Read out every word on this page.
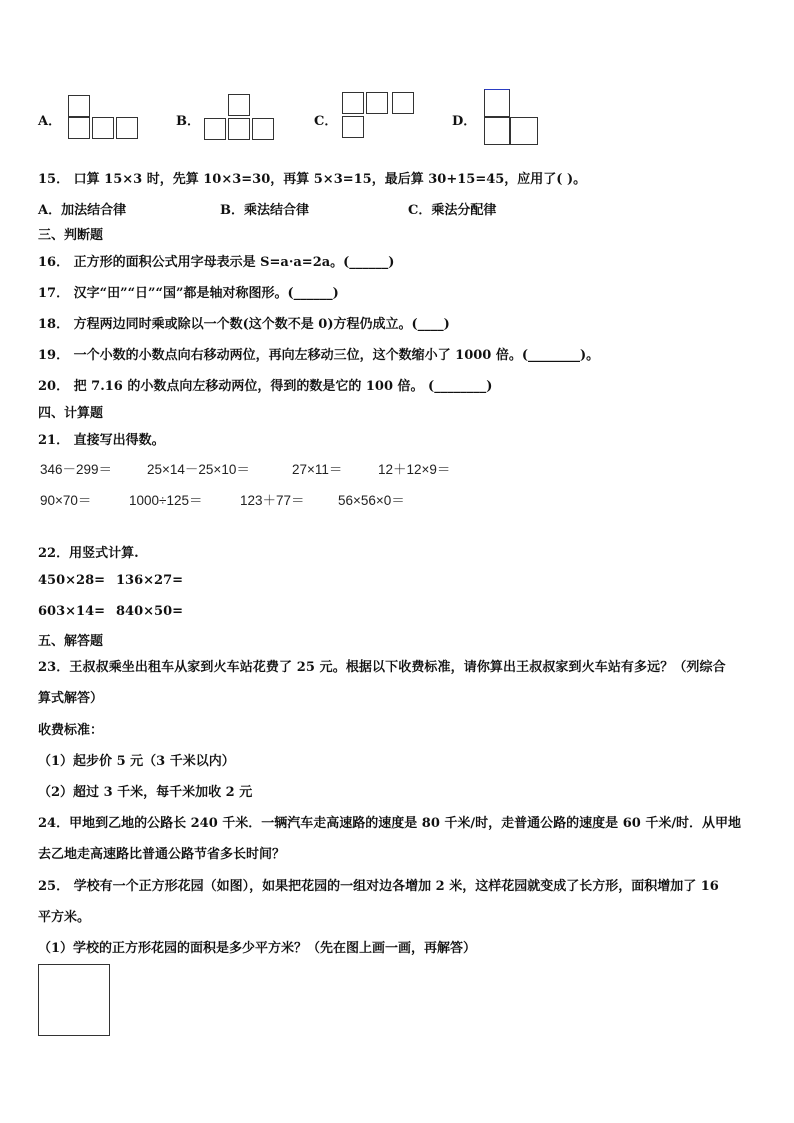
A．	B．	C．	D．
15． 口算 15×3 时，先算 10×3=30，再算 5×3=15，最后算 30+15=45，应用了( )。
A．加法结合律	B．乘法结合律	C．乘法分配律
三、判断题
16． 正方形的面积公式用字母表示是 S=a·a=2a。(______)
17． 汉字“田”“日”“国”都是轴对称图形。(______)
18． 方程两边同时乘或除以一个数(这个数不是 0)方程仍成立。(____)
19． 一个小数的小数点向右移动两位，再向左移动三位，这个数缩小了 1000 倍。(________)。
20． 把 7.16 的小数点向左移动两位，得到的数是它的 100 倍。 (________)
四、计算题
21． 直接写出得数。
346－299＝	25×14－25×10＝	27×11＝	12＋12×9＝
90×70＝	1000÷125＝	123＋77＝ 56×56×0＝
22．用竖式计算.
450×28= 136×27=
603×14= 840×50=
五、解答题
23．王叔叔乘坐出租车从家到火车站花费了 25 元。根据以下收费标准，请你算出王叔叔家到火车站有多远？（列综合
算式解答）
收费标准：
（1）起步价 5 元（3 千米以内）
（2）超过 3 千米，每千米加收 2 元
24．甲地到乙地的公路长 240 千米．一辆汽车走高速路的速度是 80 千米/时，走普通公路的速度是 60 千米/时．从甲地
去乙地走高速路比普通公路节省多长时间？
25． 学校有一个正方形花园（如图），如果把花园的一组对边各增加 2 米，这样花园就变成了长方形，面积增加了 16
平方米。
（1）学校的正方形花园的面积是多少平方米？（先在图上画一画，再解答）
